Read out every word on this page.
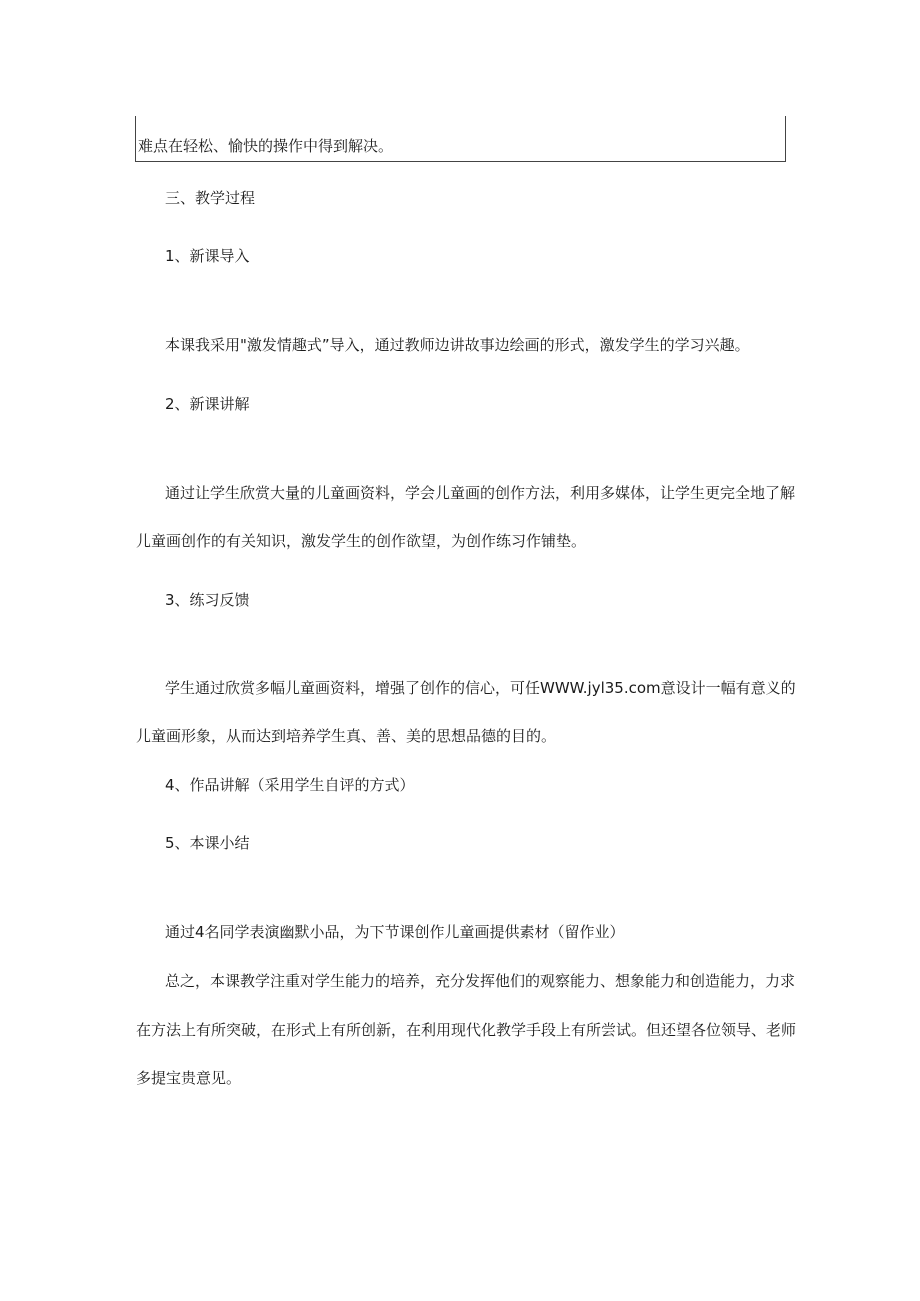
难点在轻松、愉快的操作中得到解决。
三、教学过程
1、新课导入
本课我采用"激发情趣式”导入，通过教师边讲故事边绘画的形式，激发学生的学习兴趣。
2、新课讲解
通过让学生欣赏大量的儿童画资料，学会儿童画的创作方法，利用多媒体，让学生更完全地了解
儿童画创作的有关知识，激发学生的创作欲望，为创作练习作铺垫。
3、练习反馈
学生通过欣赏多幅儿童画资料，增强了创作的信心，可任WWW.jyl35.com意设计一幅有意义的
儿童画形象，从而达到培养学生真、善、美的思想品德的目的。
4、作品讲解（采用学生自评的方式）
5、本课小结
通过4名同学表演幽默小品，为下节课创作儿童画提供素材（留作业）
总之，本课教学注重对学生能力的培养，充分发挥他们的观察能力、想象能力和创造能力，力求
在方法上有所突破，在形式上有所创新，在利用现代化教学手段上有所尝试。但还望各位领导、老师
多提宝贵意见。
